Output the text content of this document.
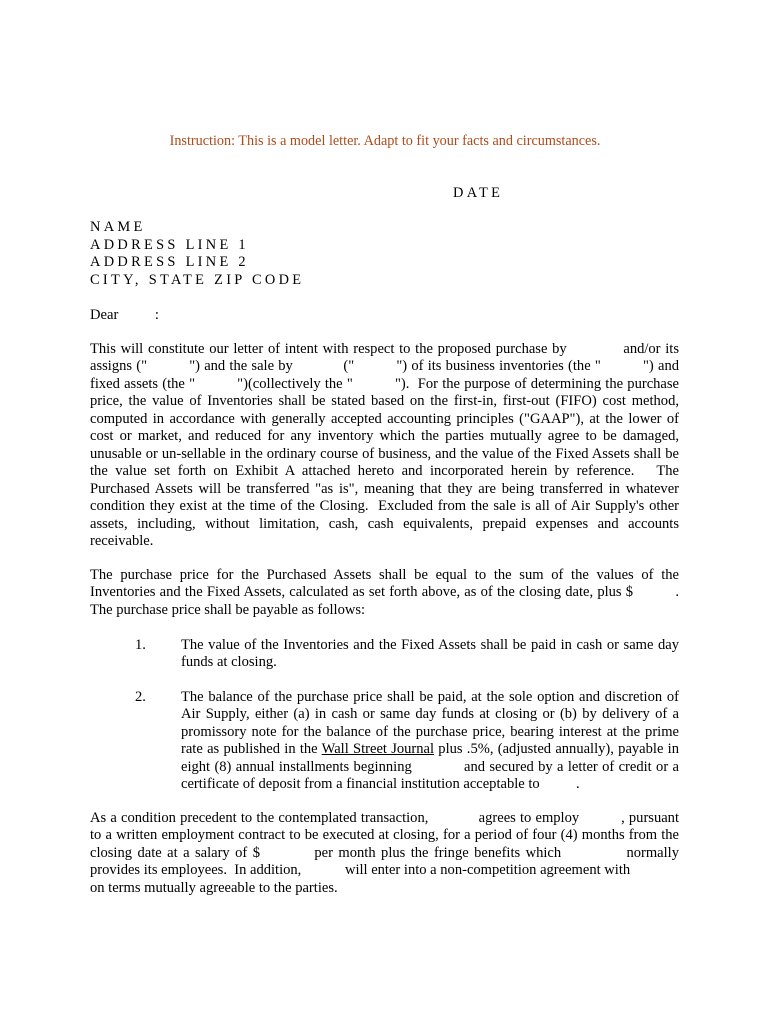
Instruction: This is a model letter. Adapt to fit your facts and circumstances.

DATE

NAME
ADDRESS LINE 1
ADDRESS LINE 2
CITY, STATE ZIP CODE

Dear          :

This will constitute our letter of intent with respect to the proposed purchase by            and/or its
assigns ("          ") and the sale by            ("          ") of its business inventories (the "          ") and
fixed assets (the "          ")(collectively the "          ").  For the purpose of determining the purchase
price, the value of Inventories shall be stated based on the first-in, first-out (FIFO) cost method,
computed in accordance with generally accepted accounting principles ("GAAP"), at the lower of
cost or market, and reduced for any inventory which the parties mutually agree to be damaged,
unusable or un-sellable in the ordinary course of business, and the value of the Fixed Assets shall be
the value set forth on Exhibit A attached hereto and incorporated herein by reference.   The
Purchased Assets will be transferred "as is", meaning that they are being transferred in whatever
condition they exist at the time of the Closing.  Excluded from the sale is all of Air Supply's other
assets, including, without limitation, cash, cash equivalents, prepaid expenses and accounts
receivable.
The purchase price for the Purchased Assets shall be equal to the sum of the values of the
Inventories and the Fixed Assets, calculated as set forth above, as of the closing date, plus $          .
The purchase price shall be payable as follows:
1.	The value of the Inventories and the Fixed Assets shall be paid in cash or same day
funds at closing.
2.	The balance of the purchase price shall be paid, at the sole option and discretion of
Air Supply, either (a) in cash or same day funds at closing or (b) by delivery of a
promissory note for the balance of the purchase price, bearing interest at the prime
rate as published in the Wall Street Journal plus .5%, (adjusted annually), payable in
eight (8) annual installments beginning            and secured by a letter of credit or a
certificate of deposit from a financial institution acceptable to          .
As a condition precedent to the contemplated transaction,            agrees to employ          , pursuant
to a written employment contract to be executed at closing, for a period of four (4) months from the
closing date at a salary of $          per month plus the fringe benefits which            normally
provides its employees.  In addition,            will enter into a non-competition agreement with
on terms mutually agreeable to the parties.
